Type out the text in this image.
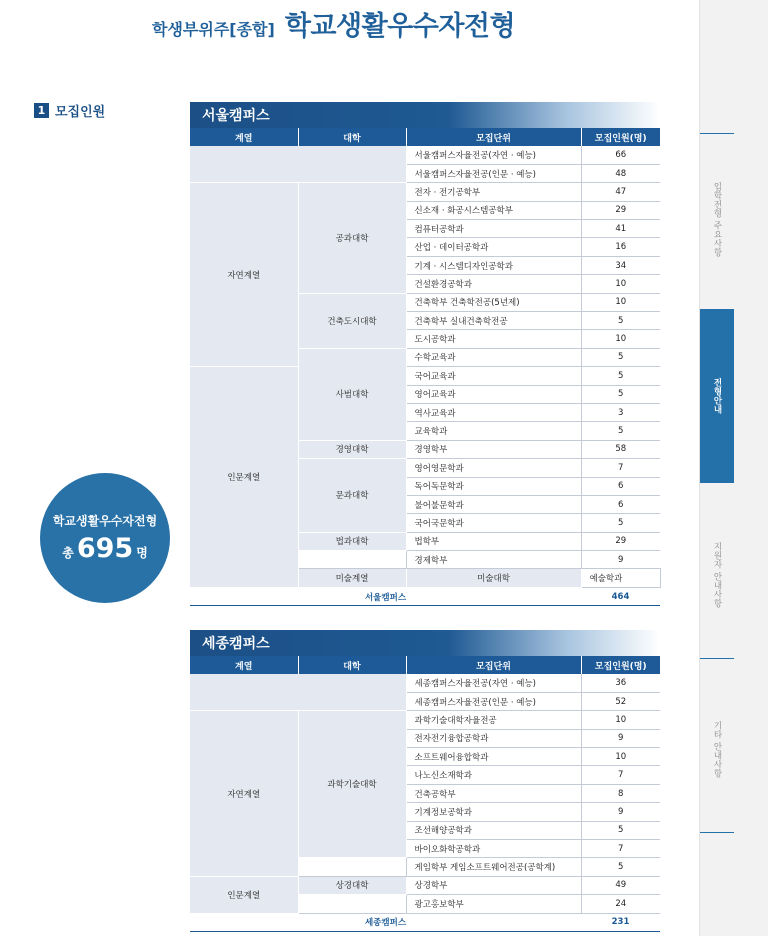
학생부위주[종합] 학교생활우수자전형
1 모집인원
학교생활우수자전형
총 695 명
서울캠퍼스
계열	대학	모집단위	모집인원(명)	
		서울캠퍼스자율전공(자연 · 예능)	66	
		서울캠퍼스자율전공(인문 · 예능)	48	
자연계열	공과대학	전자 · 전기공학부	47	
		신소재 · 화공시스템공학부	29	
		컴퓨터공학과	41	
		산업 · 데이터공학과	16	
		기계 · 시스템디자인공학과	34	
		건설환경공학과	10	
	건축도시대학	건축학부 건축학전공(5년제)	10	
		건축학부 실내건축학전공	5	
		도시공학과	10	
	사범대학	수학교육과	5	
인문계열		국어교육과	5	
		영어교육과	5	
		역사교육과	3	
		교육학과	5	
	경영대학	경영학부	58	
	문과대학	영어영문학과	7	
		독어독문학과	6	
		불어불문학과	6	
		국어국문학과	5	
	법과대학	법학부	29	
		경제학부	9	
	미술계열	미술대학	예술학과	
서울캠퍼스			464	
세종캠퍼스
계열	대학	모집단위	모집인원(명)
		세종캠퍼스자율전공(자연 · 예능)	36
		세종캠퍼스자율전공(인문 · 예능)	52
자연계열	과학기술대학	과학기술대학자율전공	10
		전자전기융합공학과	9
		소프트웨어융합학과	10
		나노신소재학과	7
		건축공학부	8
		기계정보공학과	9
		조선해양공학과	5
		바이오화학공학과	7
		게임학부 게임소프트웨어전공(공학계)	5
인문계열	상경대학	상경학부	49
		광고홍보학부	24
세종캠퍼스			231
입학전형 주요사항
전형안내
지원자 안내사항
기타 안내사항
